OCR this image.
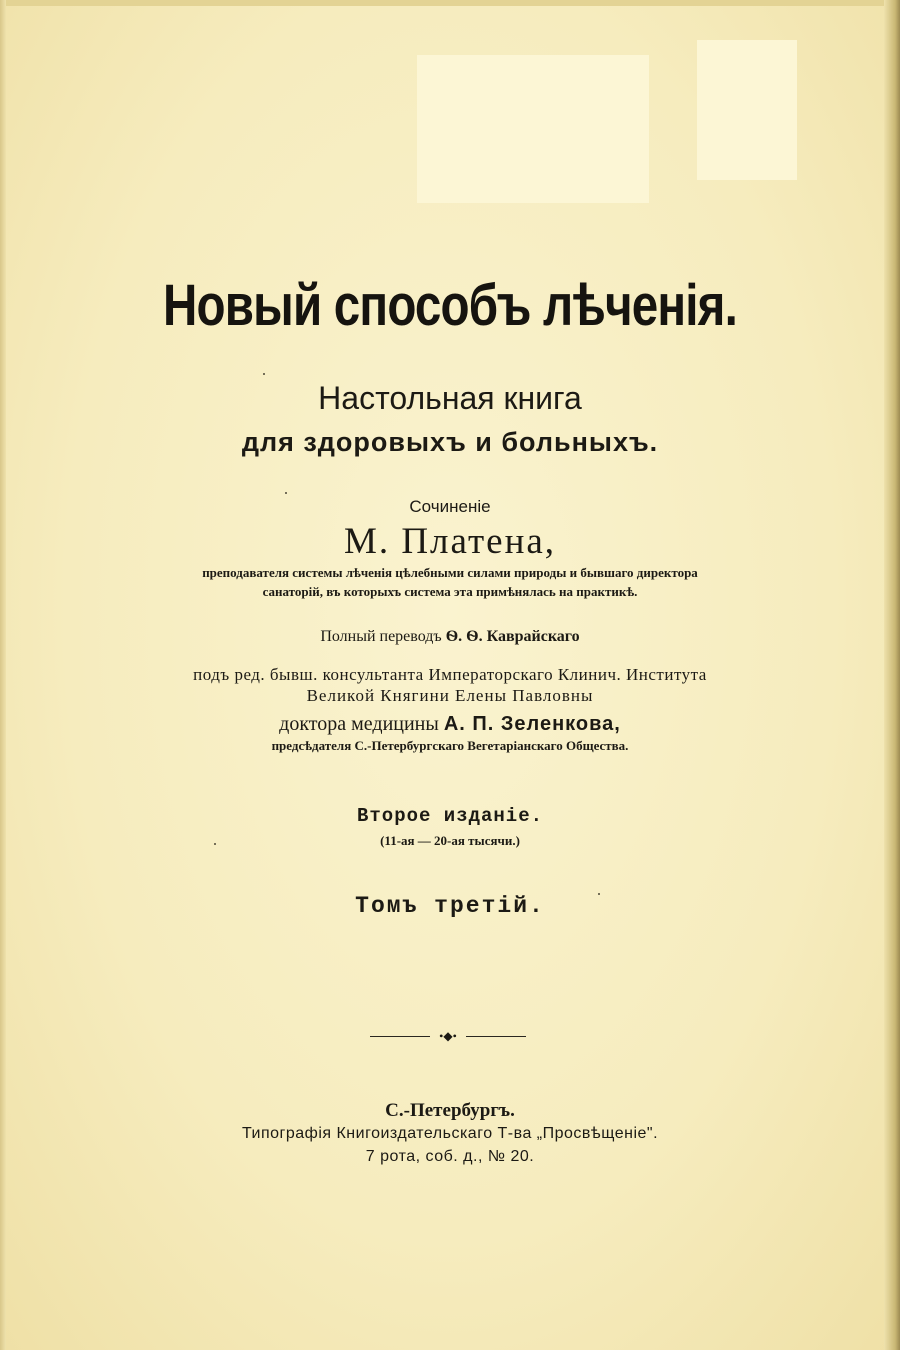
Новый способъ лѣченія.
Настольная книга
для здоровыхъ и больныхъ.
Сочиненіе
М. Платена,
преподавателя системы лѣченія цѣлебными силами природы и бывшаго директора
санаторій, въ которыхъ система эта примѣнялась на практикѣ.
Полный переводъ Ѳ. Ѳ. Каврайскаго
подъ ред. бывш. консультанта Императорскаго Клинич. Института
Великой Княгини Елены Павловны
доктора медицины А. П. Зеленкова,
предсѣдателя С.-Петербургскаго Вегетаріанскаго Общества.
Второе изданіе.
(11-ая — 20-ая тысячи.)
Томъ третій.
•◆•
С.-Петербургъ.
Типографія Книгоиздательскаго Т-ва „Просвѣщеніе".
7 рота, соб. д., № 20.
